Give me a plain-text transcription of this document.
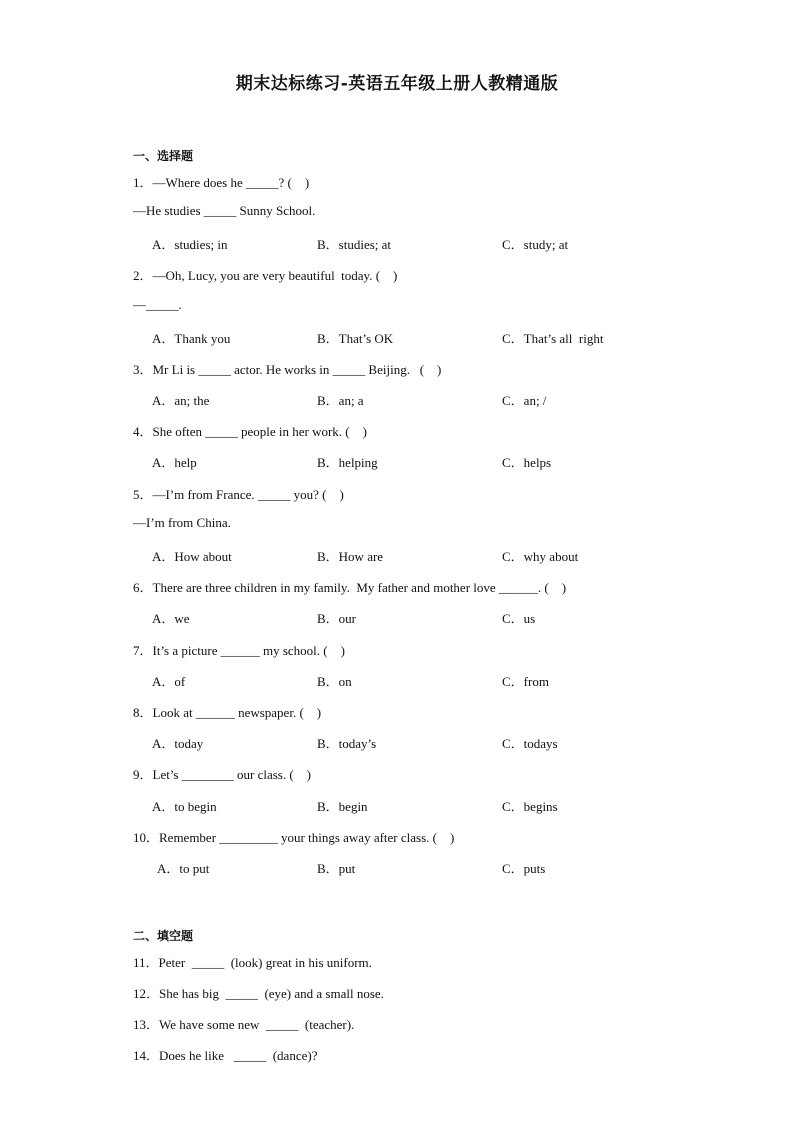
期末达标练习-英语五年级上册人教精通版
一、选择题
1．—Where does he _____? (    )
—He studies _____ Sunny School.
A．studies; in	B．studies; at	C．study; at
2．—Oh, Lucy, you are very beautiful  today. (    )
—_____.
A．Thank you	B．That’s OK	C．That’s all  right
3．Mr Li is _____ actor. He works in _____ Beijing.   (    )
A．an; the	B．an; a	C．an; /
4．She often _____ people in her work. (    )
A．help	B．helping	C．helps
5．—I’m from France. _____ you? (    )
—I’m from China.
A．How about	B．How are	C．why about
6．There are three children in my family.  My father and mother love ______. (    )
A．we	B．our	C．us
7．It’s a picture ______ my school. (    )
A．of	B．on	C．from
8．Look at ______ newspaper. (    )
A．today	B．today’s	C．todays
9．Let’s ________ our class. (    )
A．to begin	B．begin	C．begins
10．Remember _________ your things away after class. (    )
A．to put	B．put	C．puts
二、填空题
11．Peter  _____  (look) great in his uniform.
12．She has big  _____  (eye) and a small nose.
13．We have some new  _____  (teacher).
14．Does he like   _____  (dance)?
